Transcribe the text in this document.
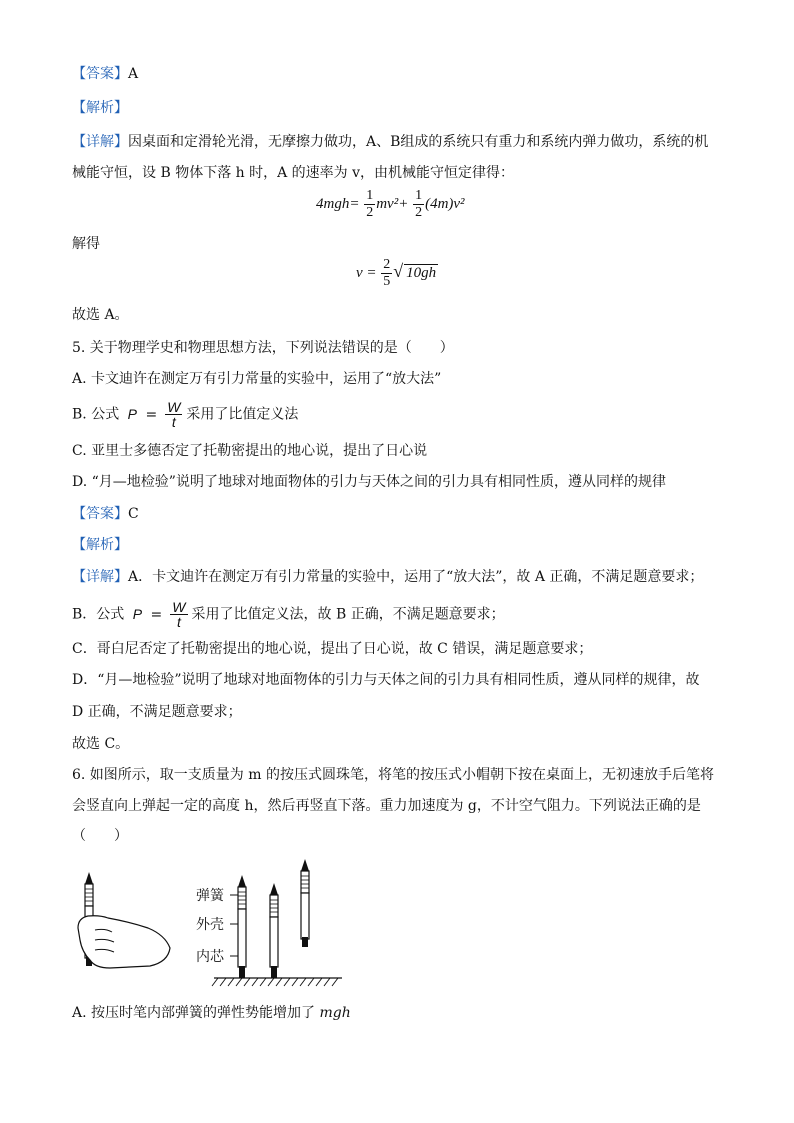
【答案】A
【解析】
【详解】因桌面和定滑轮光滑，无摩擦力做功，A、B组成的系统只有重力和系统内弹力做功，系统的机
械能守恒，设 B 物体下落 h 时，A 的速率为 v，由机械能守恒定律得：
$4mgh= \frac{1}{2} mv^2+ \frac{1}{2} (4m)v^2$
解得
$v = \frac{2}{5}$ √ 10gh
故选 A。
5. 关于物理学史和物理思想方法，下列说法错误的是（　　）
A. 卡文迪许在测定万有引力常量的实验中，运用了“放大法”
B. 公式 $P = \frac{W}{t}$ 采用了比值定义法
C. 亚里士多德否定了托勒密提出的地心说，提出了日心说
D. “月—地检验”说明了地球对地面物体的引力与天体之间的引力具有相同性质，遵从同样的规律
【答案】C
【解析】
【详解】A．卡文迪许在测定万有引力常量的实验中，运用了“放大法”，故 A 正确，不满足题意要求；
B．公式 $P = \frac{W}{t}$ 采用了比值定义法，故 B 正确，不满足题意要求；
C．哥白尼否定了托勒密提出的地心说，提出了日心说，故 C 错误，满足题意要求；
D．“月—地检验”说明了地球对地面物体的引力与天体之间的引力具有相同性质，遵从同样的规律，故
D 正确，不满足题意要求；
故选 C。
6. 如图所示，取一支质量为 m 的按压式圆珠笔，将笔的按压式小帽朝下按在桌面上，无初速放手后笔将
会竖直向上弹起一定的高度 h，然后再竖直下落。重力加速度为 g，不计空气阻力。下列说法正确的是
（　　）
弹簧
外壳
内芯
A. 按压时笔内部弹簧的弹性势能增加了 mgh
